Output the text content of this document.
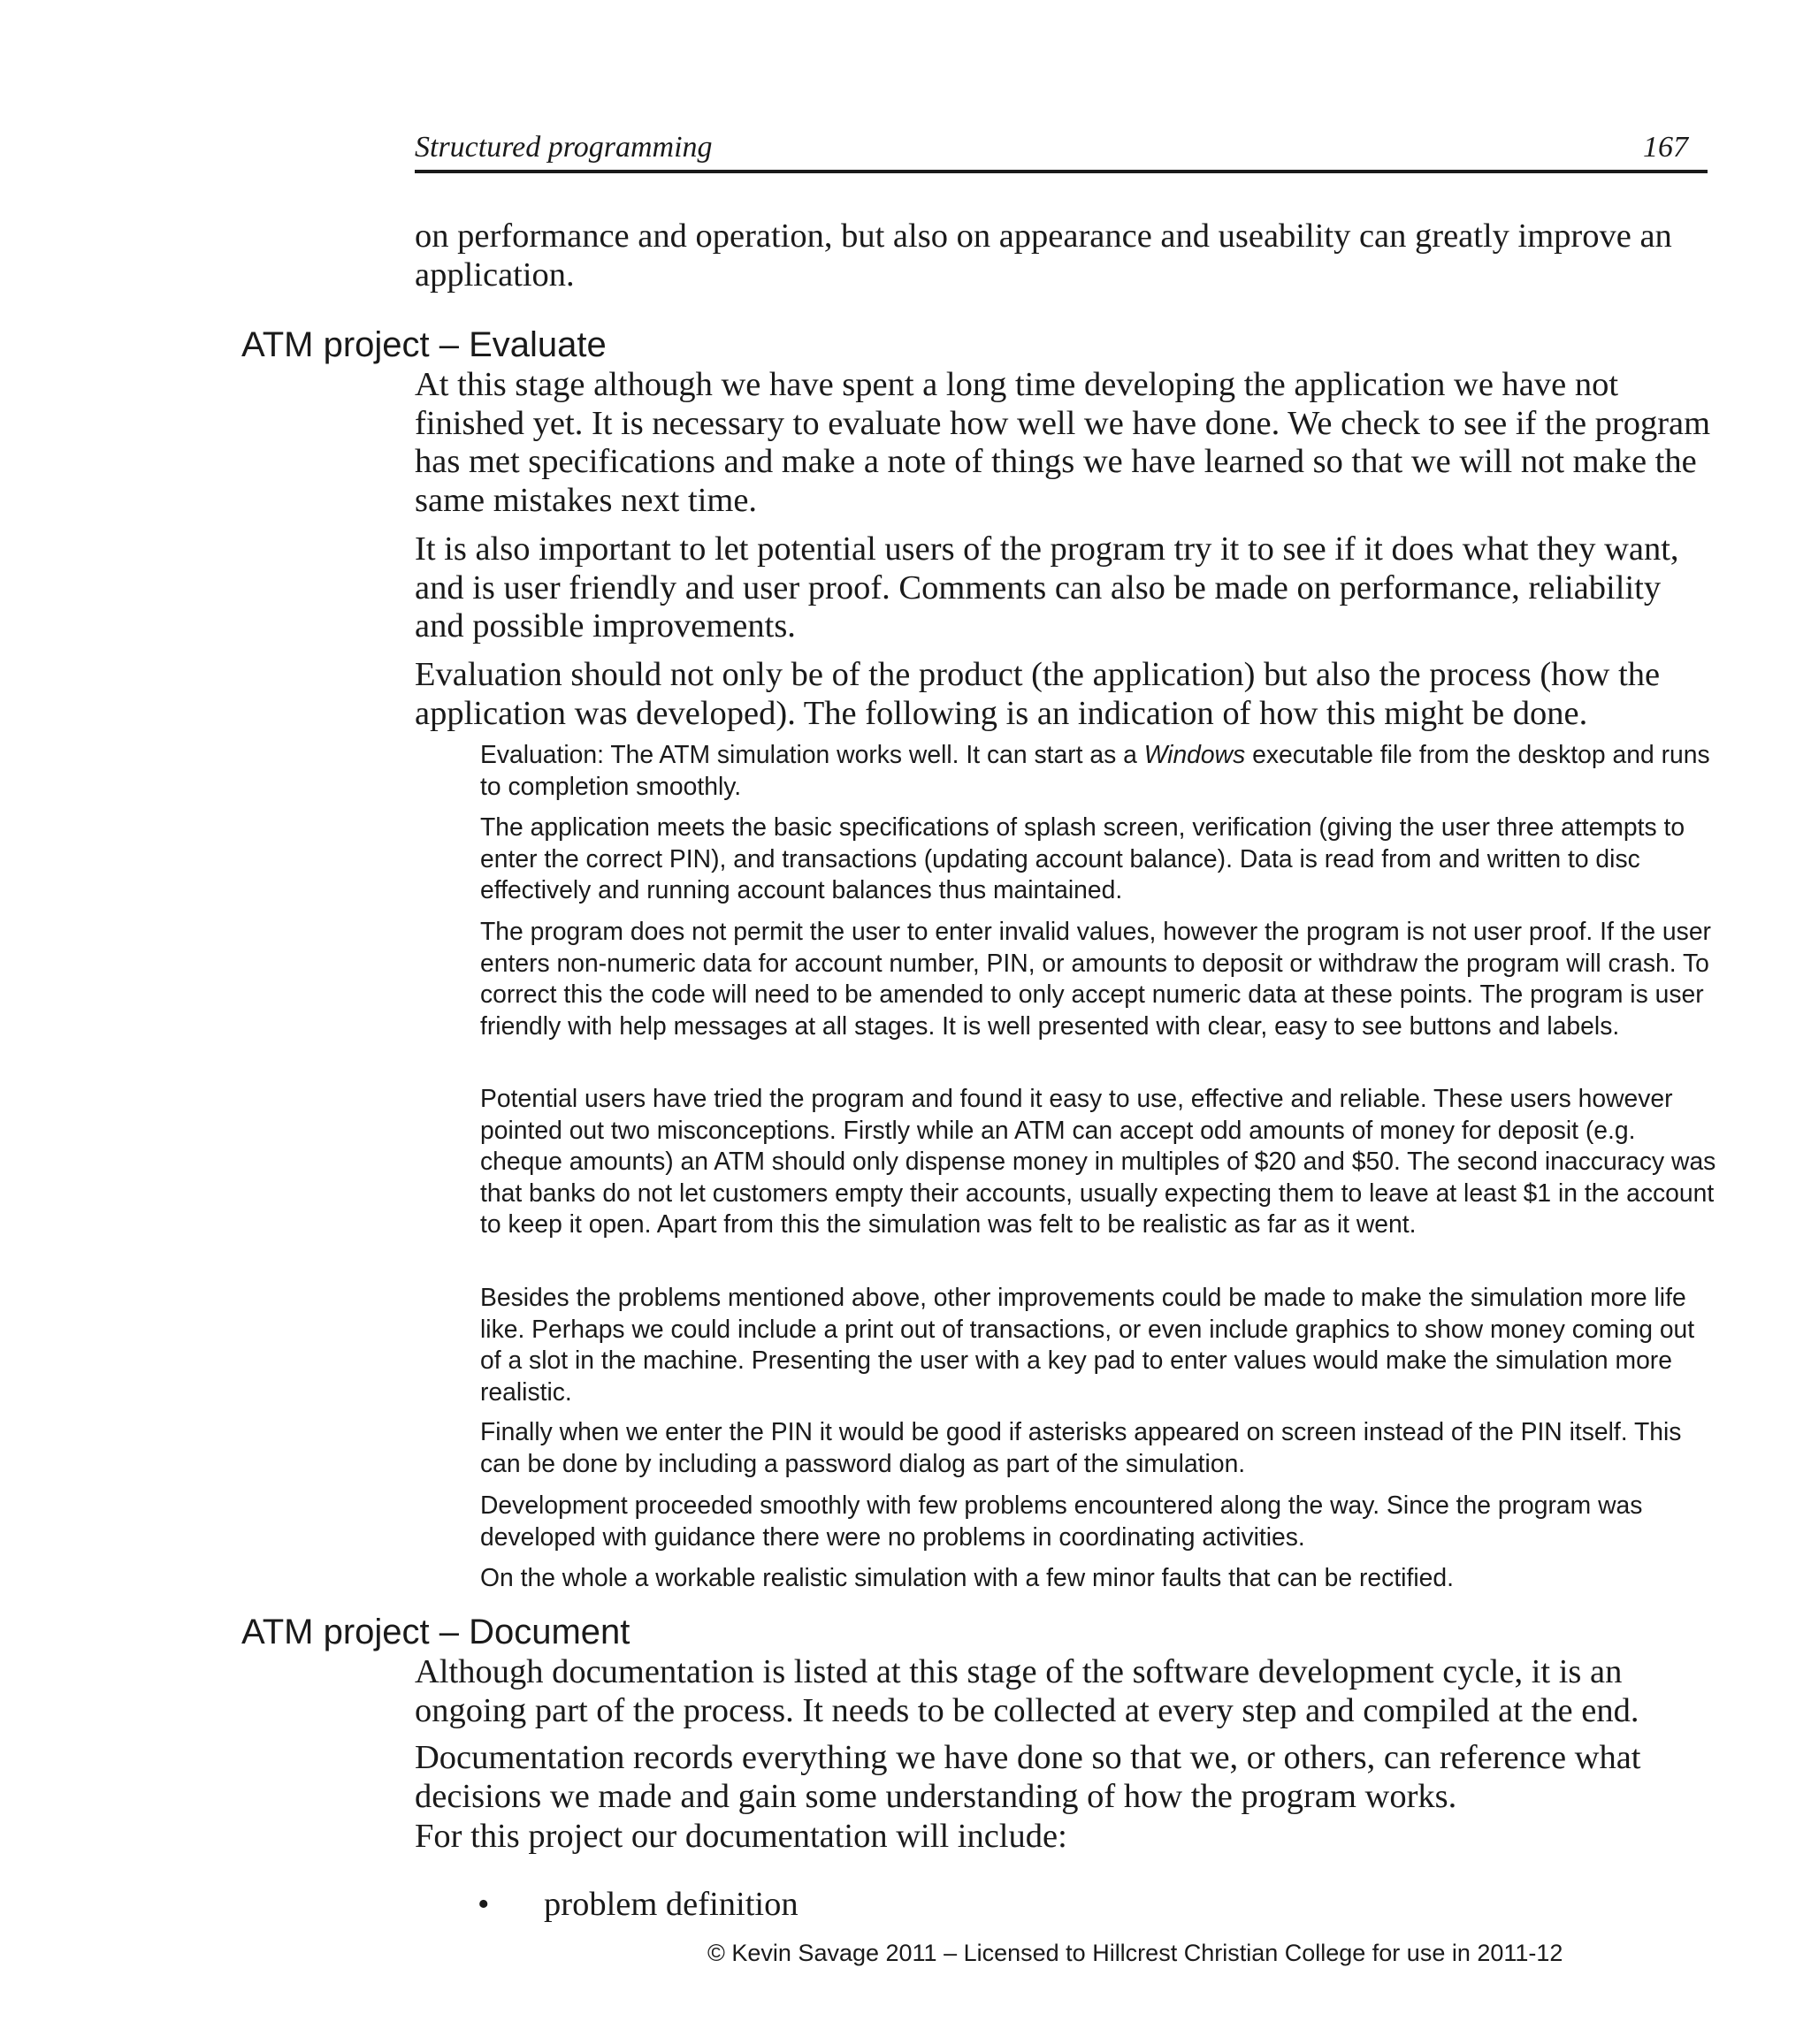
Structured programming	167

on performance and operation, but also on appearance and useability can greatly improve an application.

ATM project – Evaluate

At this stage although we have spent a long time developing the application we have not finished yet. It is necessary to evaluate how well we have done. We check to see if the program has met specifications and make a note of things we have learned so that we will not make the same mistakes next time.

It is also important to let potential users of the program try it to see if it does what they want, and is user friendly and user proof. Comments can also be made on performance, reliability and possible improvements.

Evaluation should not only be of the product (the application) but also the process (how the application was developed). The following is an indication of how this might be done.

Evaluation: The ATM simulation works well. It can start as a Windows executable file from the desktop and runs to completion smoothly.

The application meets the basic specifications of splash screen, verification (giving the user three attempts to enter the correct PIN), and transactions (updating account balance). Data is read from and written to disc effectively and running account balances thus maintained.

The program does not permit the user to enter invalid values, however the program is not user proof. If the user enters non-numeric data for account number, PIN, or amounts to deposit or withdraw the program will crash. To correct this the code will need to be amended to only accept numeric data at these points. The program is user friendly with help messages at all stages. It is well presented with clear, easy to see buttons and labels.

Potential users have tried the program and found it easy to use, effective and reliable. These users however pointed out two misconceptions. Firstly while an ATM can accept odd amounts of money for deposit (e.g. cheque amounts) an ATM should only dispense money in multiples of $20 and $50. The second inaccuracy was that banks do not let customers empty their accounts, usually expecting them to leave at least $1 in the account to keep it open. Apart from this the simulation was felt to be realistic as far as it went.

Besides the problems mentioned above, other improvements could be made to make the simulation more life like. Perhaps we could include a print out of transactions, or even include graphics to show money coming out of a slot in the machine. Presenting the user with a key pad to enter values would make the simulation more realistic.

Finally when we enter the PIN it would be good if asterisks appeared on screen instead of the PIN itself. This can be done by including a password dialog as part of the simulation.

Development proceeded smoothly with few problems encountered along the way. Since the program was developed with guidance there were no problems in coordinating activities.

On the whole a workable realistic simulation with a few minor faults that can be rectified.

ATM project – Document

Although documentation is listed at this stage of the software development cycle, it is an ongoing part of the process. It needs to be collected at every step and compiled at the end.

Documentation records everything we have done so that we, or others, can reference what decisions we made and gain some understanding of how the program works.

For this project our documentation will include:

• problem definition
© Kevin Savage 2011 – Licensed to Hillcrest Christian College for use in 2011-12
